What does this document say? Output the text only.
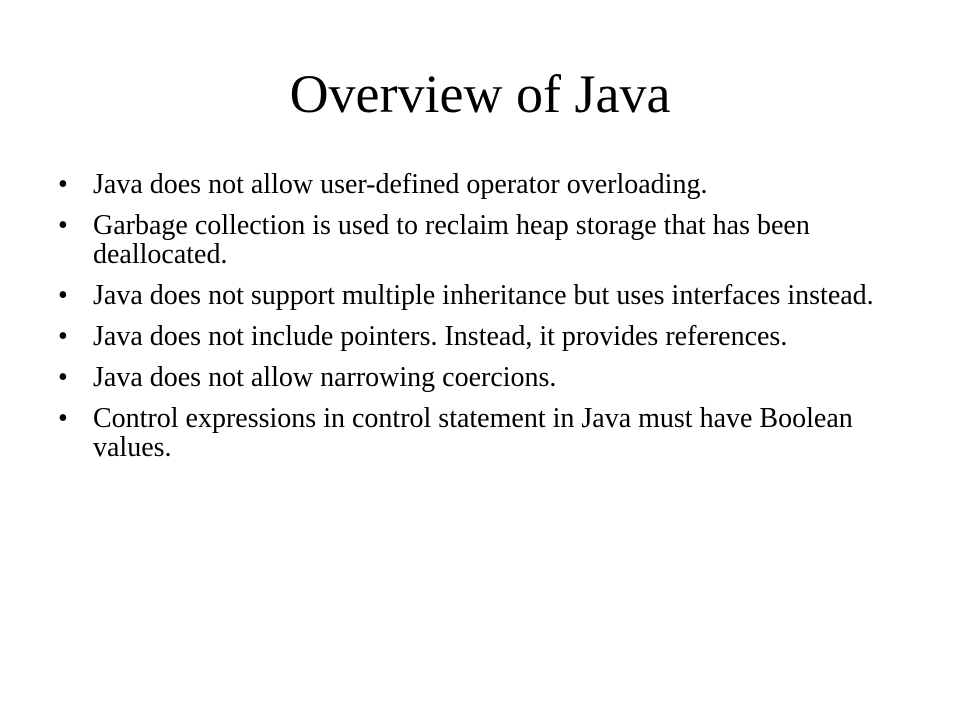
Overview of Java
• Java does not allow user-defined operator overloading.
• Garbage collection is used to reclaim heap storage that has been deallocated.
• Java does not support multiple inheritance but uses interfaces instead.
• Java does not include pointers. Instead, it provides references.
• Java does not allow narrowing coercions.
• Control expressions in control statement in Java must have Boolean values.
